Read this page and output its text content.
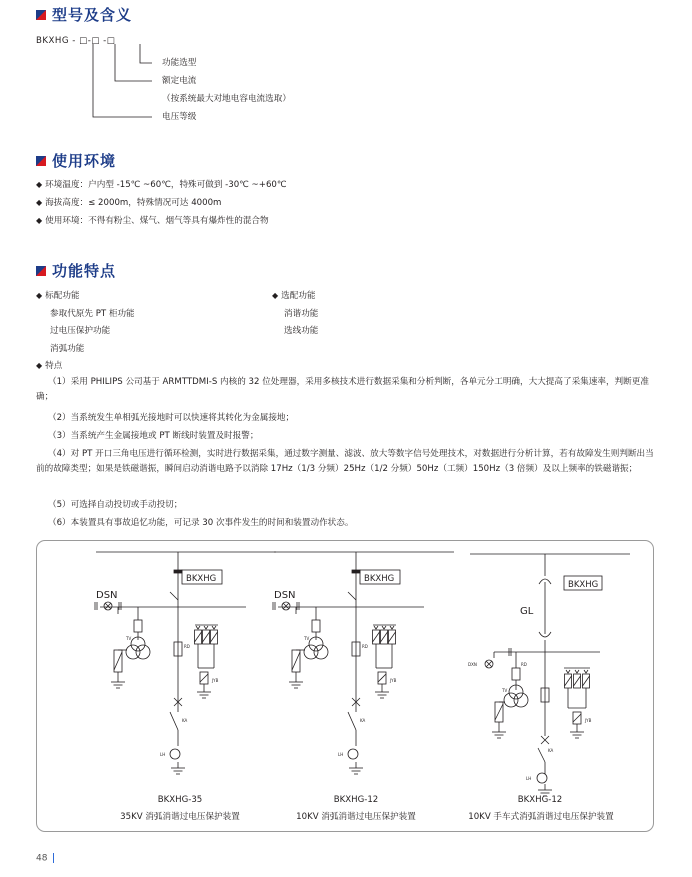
型号及含义
BKXHG - □-□ -□
功能选型
额定电流
（按系统最大对地电容电流选取）
电压等级
使用环境
◆ 环境温度：户内型 -15℃ ~60℃，特殊可做到 -30℃ ~+60℃
◆ 海拔高度：≤ 2000m，特殊情况可达 4000m
◆ 使用环境：不得有粉尘、煤气、烟气等具有爆炸性的混合物
功能特点
◆ 标配功能
参取代原先 PT 柜功能
过电压保护功能
消弧功能
◆ 选配功能
消谐功能
选线功能
◆ 特点
（1）采用 PHILIPS 公司基于 ARMTTDMI-S 内核的 32 位处理器，采用多核技术进行数据采集和分析判断，各单元分工明确，大大提高了采集速率，判断更准确；
（2）当系统发生单相弧光接地时可以快速将其转化为金属接地；
（3）当系统产生金属接地或 PT 断线时装置及时报警；
（4）对 PT 开口三角电压进行循环检测，实时进行数据采集，通过数字测量、滤波、放大等数字信号处理技术，对数据进行分析计算，若有故障发生则判断出当前的故障类型；如果是铁磁谐振，瞬间启动消谐电路予以消除 17Hz（1/3 分频）25Hz（1/2 分频）50Hz（工频）150Hz（3 倍频）及以上频率的铁磁谐振；
（5）可选择自动投切或手动投切；
（6）本装置具有事故追忆功能，可记录 30 次事件发生的时间和装置动作状态。
BKXHG
DSN
TV
RD
JYB
KA
LH
BKXHG
DSN
TV
RD
JYB
KA
LH
BKXHG
GL
DXN	RD
TV
JYB
KA
LH
BKXHG-35
35KV 消弧消谐过电压保护装置
BKXHG-12
10KV 消弧消谐过电压保护装置
BKXHG-12
10KV 手车式消弧消谐过电压保护装置
48
